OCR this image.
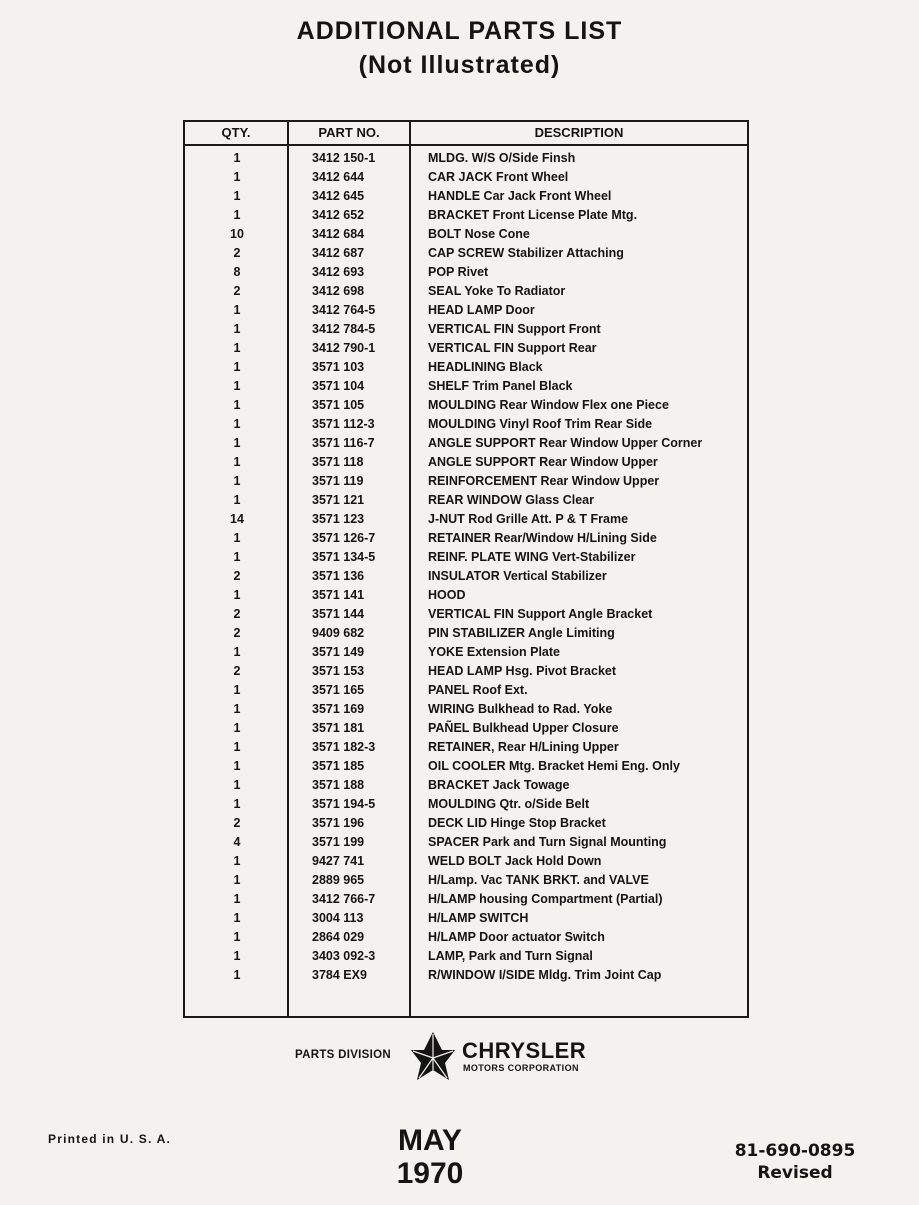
ADDITIONAL PARTS LIST
(Not Illustrated)
QTY.	PART NO.	DESCRIPTION
1	3412 150-1	MLDG. W/S O/Side Finsh
1	3412 644	CAR JACK Front Wheel
1	3412 645	HANDLE Car Jack Front Wheel
1	3412 652	BRACKET Front License Plate Mtg.
10	3412 684	BOLT Nose Cone
2	3412 687	CAP SCREW Stabilizer Attaching
8	3412 693	POP Rivet
2	3412 698	SEAL Yoke To Radiator
1	3412 764-5	HEAD LAMP Door
1	3412 784-5	VERTICAL FIN Support Front
1	3412 790-1	VERTICAL FIN Support Rear
1	3571 103	HEADLINING Black
1	3571 104	SHELF Trim Panel Black
1	3571 105	MOULDING Rear Window Flex one Piece
1	3571 112-3	MOULDING Vinyl Roof Trim Rear Side
1	3571 116-7	ANGLE SUPPORT Rear Window Upper Corner
1	3571 118	ANGLE SUPPORT Rear Window Upper
1	3571 119	REINFORCEMENT Rear Window Upper
1	3571 121	REAR WINDOW Glass Clear
14	3571 123	J-NUT Rod Grille Att. P & T Frame
1	3571 126-7	RETAINER Rear/Window H/Lining Side
1	3571 134-5	REINF. PLATE WING Vert-Stabilizer
2	3571 136	INSULATOR Vertical Stabilizer
1	3571 141	HOOD
2	3571 144	VERTICAL FIN Support Angle Bracket
2	9409 682	PIN STABILIZER Angle Limiting
1	3571 149	YOKE Extension Plate
2	3571 153	HEAD LAMP Hsg. Pivot Bracket
1	3571 165	PANEL Roof Ext.
1	3571 169	WIRING Bulkhead to Rad. Yoke
1	3571 181	PAÑEL Bulkhead Upper Closure
1	3571 182-3	RETAINER, Rear H/Lining Upper
1	3571 185	OIL COOLER Mtg. Bracket Hemi Eng. Only
1	3571 188	BRACKET Jack Towage
1	3571 194-5	MOULDING Qtr. o/Side Belt
2	3571 196	DECK LID Hinge Stop Bracket
4	3571 199	SPACER Park and Turn Signal Mounting
1	9427 741	WELD BOLT Jack Hold Down
1	2889 965	H/Lamp. Vac TANK BRKT. and VALVE
1	3412 766-7	H/LAMP housing Compartment (Partial)
1	3004 113	H/LAMP SWITCH
1	2864 029	H/LAMP Door actuator Switch
1	3403 092-3	LAMP, Park and Turn Signal
1	3784 EX9	R/WINDOW I/SIDE Mldg. Trim Joint Cap
PARTS DIVISION	CHRYSLER
MOTORS CORPORATION
Printed in U. S. A.	MAY
1970
81-690-0895
Revised
